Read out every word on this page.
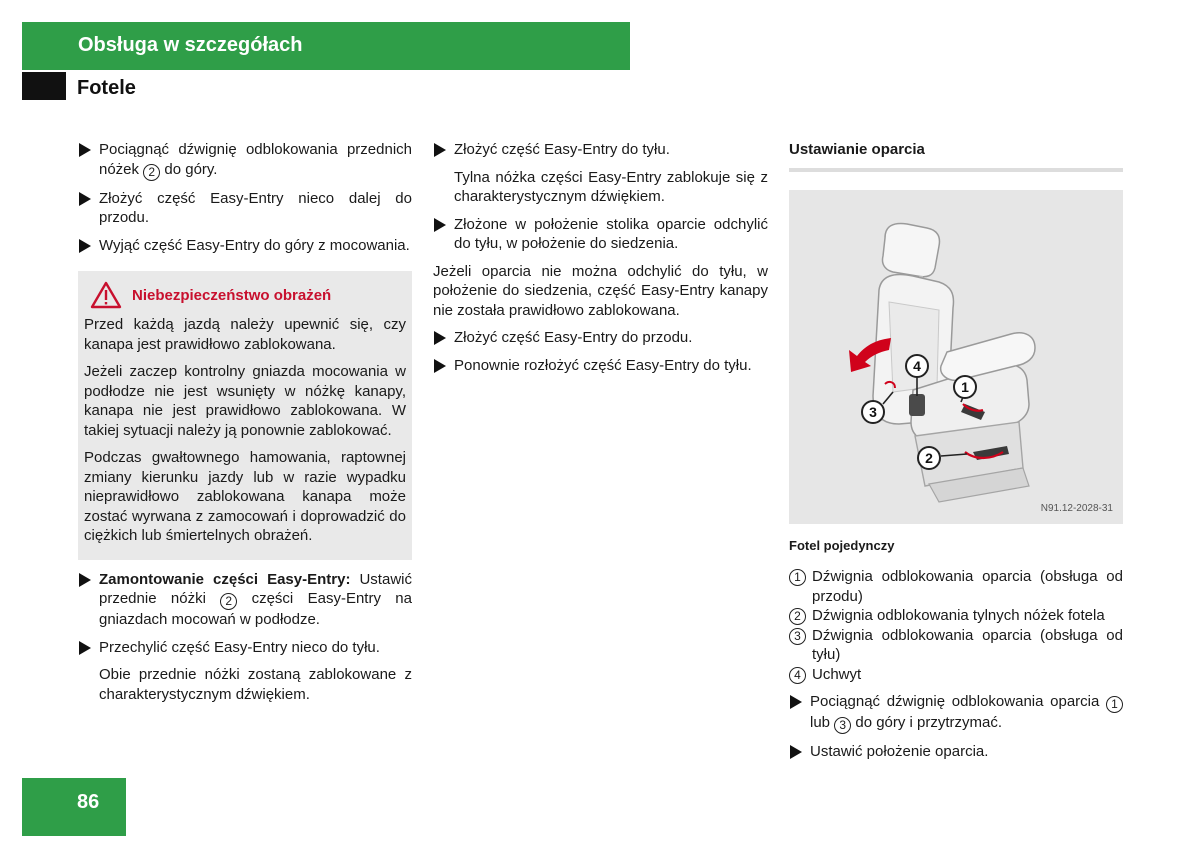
Obsługa w szczegółach
Fotele
Pociągnąć dźwignię odblokowania przednich nóżek 2 do góry.
Złożyć część Easy-Entry nieco dalej do przodu.
Wyjąć część Easy-Entry do góry z mocowania.
Niebezpieczeństwo obrażeń

Przed każdą jazdą należy upewnić się, czy kanapa jest prawidłowo zablokowana.

Jeżeli zaczep kontrolny gniazda mocowania w podłodze nie jest wsunięty w nóżkę kanapy, kanapa nie jest prawidłowo zablokowana. W takiej sytuacji należy ją ponownie zablokować.

Podczas gwałtownego hamowania, raptownej zmiany kierunku jazdy lub w razie wypadku nieprawidłowo zablokowana kanapa może zostać wyrwana z zamocowań i doprowadzić do ciężkich lub śmiertelnych obrażeń.

Zamontowanie części Easy-Entry: Ustawić przednie nóżki 2 części Easy-Entry na gniazdach mocowań w podłodze.
Przechylić część Easy-Entry nieco do tyłu.
Obie przednie nóżki zostaną zablokowane z charakterystycznym dźwiękiem.
Złożyć część Easy-Entry do tyłu.
Tylna nóżka części Easy-Entry zablokuje się z charakterystycznym dźwiękiem.
Złożone w położenie stolika oparcie odchylić do tyłu, w położenie do siedzenia.
Jeżeli oparcia nie można odchylić do tyłu, w położenie do siedzenia, część Easy-Entry kanapy nie została prawidłowo zablokowana.
Złożyć część Easy-Entry do przodu.
Ponownie rozłożyć część Easy-Entry do tyłu.
Ustawianie oparcia
4
1
3
2
N91.12-2028-31
Fotel pojedynczy
1 Dźwignia odblokowania oparcia (obsługa od przodu)
2 Dźwignia odblokowania tylnych nóżek fotela
3 Dźwignia odblokowania oparcia (obsługa od tyłu)
4 Uchwyt
Pociągnąć dźwignię odblokowania oparcia 1 lub 3 do góry i przytrzymać.
Ustawić położenie oparcia.
86
